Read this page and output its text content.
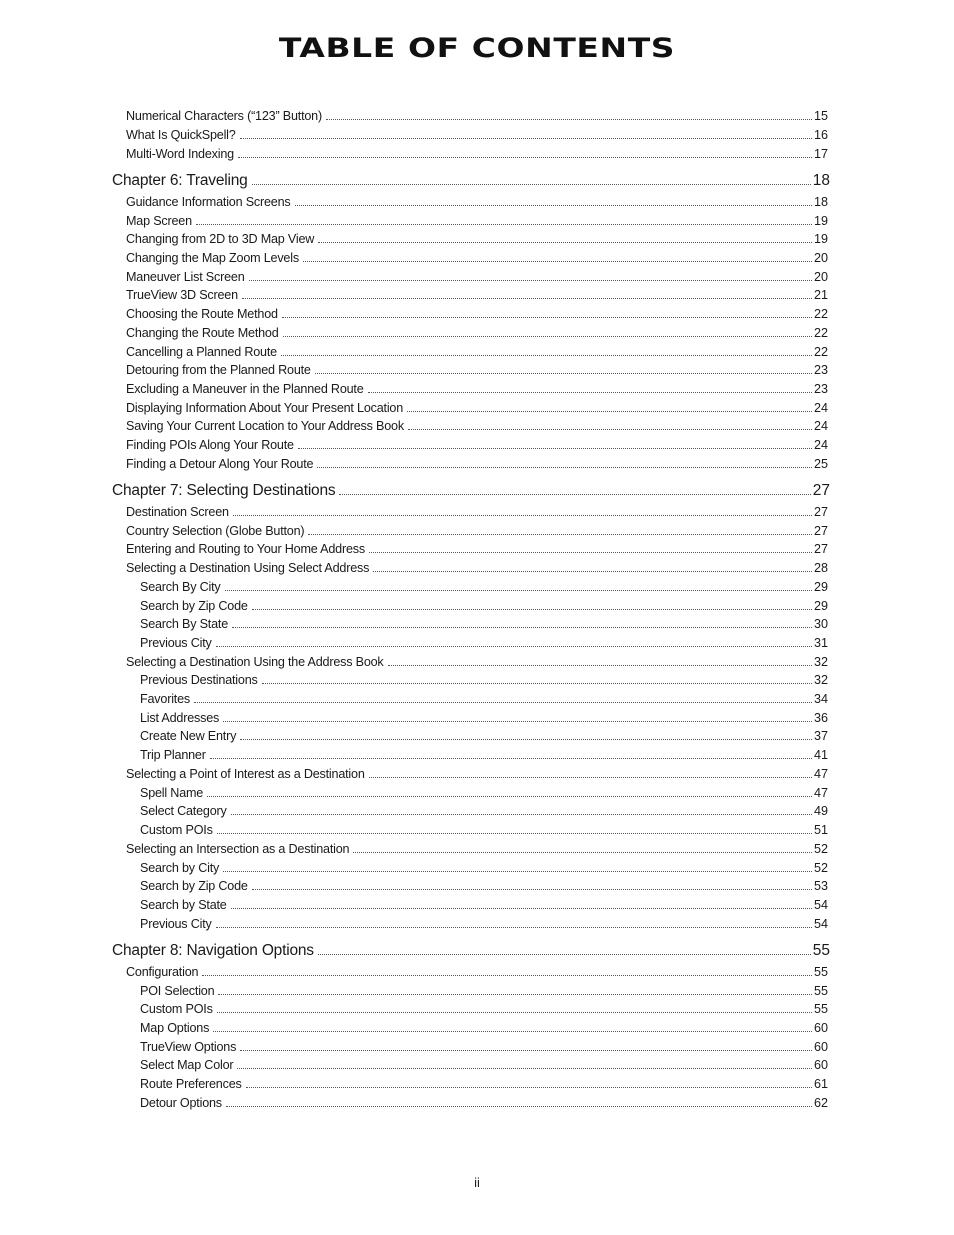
TABLE OF CONTENTS
Numerical Characters (“123” Button)	15
What Is QuickSpell?	16
Multi-Word Indexing	17
Chapter 6: Traveling	18
Guidance Information Screens	18
Map Screen	19
Changing from 2D to 3D Map View	19
Changing the Map Zoom Levels	20
Maneuver List Screen	20
TrueView 3D Screen	21
Choosing the Route Method	22
Changing the Route Method	22
Cancelling a Planned Route	22
Detouring from the Planned Route	23
Excluding a Maneuver in the Planned Route	23
Displaying Information About Your Present Location	24
Saving Your Current Location to Your Address Book	24
Finding POIs Along Your Route	24
Finding a Detour Along Your Route	25
Chapter 7: Selecting Destinations	27
Destination Screen	27
Country Selection (Globe Button)	27
Entering and Routing to Your Home Address	27
Selecting a Destination Using Select Address	28
Search By City	29
Search by Zip Code	29
Search By State	30
Previous City	31
Selecting a Destination Using the Address Book	32
Previous Destinations	32
Favorites	34
List Addresses	36
Create New Entry	37
Trip Planner	41
Selecting a Point of Interest as a Destination	47
Spell Name	47
Select Category	49
Custom POIs	51
Selecting an Intersection as a Destination	52
Search by City	52
Search by Zip Code	53
Search by State	54
Previous City	54
Chapter 8: Navigation Options	55
Configuration	55
POI Selection	55
Custom POIs	55
Map Options	60
TrueView Options	60
Select Map Color	60
Route Preferences	61
Detour Options	62
ii
